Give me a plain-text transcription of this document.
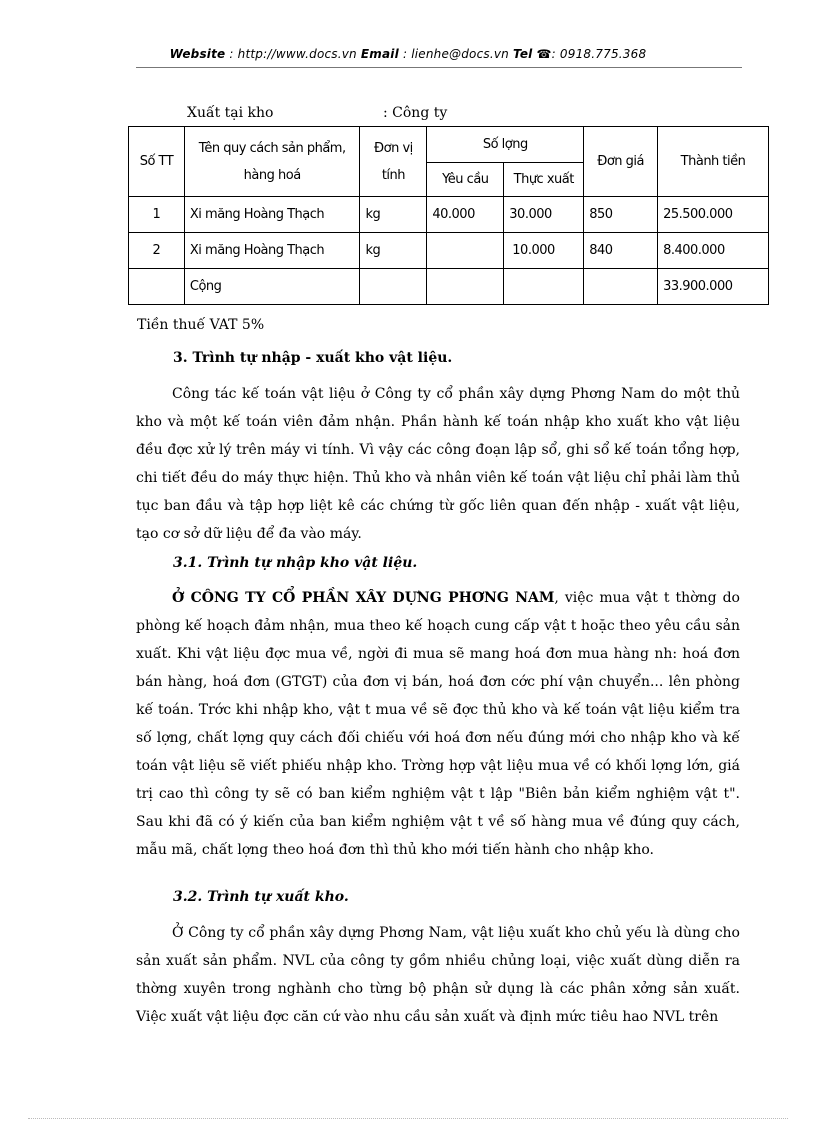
Website : http://www.docs.vn Email : lienhe@docs.vn Tel ☎: 0918.775.368
Xuất tại kho	: Công ty
Số TT	Tên quy cách sản phẩm, hàng hoá	Đơn vị tính	Số lợng		Đơn giá	Thành tiền
			Yêu cầu	Thực xuất		
1	Xi măng Hoàng Thạch	kg	40.000	30.000	850	25.500.000
2	Xi măng Hoàng Thạch	kg		10.000	840	8.400.000
	Cộng					33.900.000
Tiền thuế VAT 5%
3. Trình tự nhập - xuất kho vật liệu.

Công tác kế toán vật liệu ở Công ty cổ phần xây dựng Phơng Nam do một thủ kho và một kế toán viên đảm nhận. Phần hành kế toán nhập kho xuất kho vật liệu đều đợc xử lý trên máy vi tính. Vì vậy các công đoạn lập sổ, ghi sổ kế toán tổng hợp, chi tiết đều do máy thực hiện. Thủ kho và nhân viên kế toán vật liệu chỉ phải làm thủ tục ban đầu và tập hợp liệt kê các chứng từ gốc liên quan đến nhập - xuất vật liệu, tạo cơ sở dữ liệu để đa vào máy.

3.1. Trình tự nhập kho vật liệu.

Ở CÔNG TY CỔ PHẦN XÂY DỰNG PHƠNG NAM, việc mua vật t thờng do phòng kế hoạch đảm nhận, mua theo kế hoạch cung cấp vật t hoặc theo yêu cầu sản xuất. Khi vật liệu đợc mua về, ngời đi mua sẽ mang hoá đơn mua hàng nh: hoá đơn bán hàng, hoá đơn (GTGT) của đơn vị bán, hoá đơn cớc phí vận chuyển... lên phòng kế toán. Trớc khi nhập kho, vật t mua về sẽ đợc thủ kho và kế toán vật liệu kiểm tra số lợng, chất lợng quy cách đối chiếu với hoá đơn nếu đúng mới cho nhập kho và kế toán vật liệu sẽ viết phiếu nhập kho. Trờng hợp vật liệu mua về có khối lợng lớn, giá trị cao thì công ty sẽ có ban kiểm nghiệm vật t lập "Biên bản kiểm nghiệm vật t". Sau khi đã có ý kiến của ban kiểm nghiệm vật t về số hàng mua về đúng quy cách, mẫu mã, chất lợng theo hoá đơn thì thủ kho mới tiến hành cho nhập kho.

3.2. Trình tự xuất kho.

Ở Công ty cổ phần xây dựng Phơng Nam, vật liệu xuất kho chủ yếu là dùng cho sản xuất sản phẩm. NVL của công ty gồm nhiều chủng loại, việc xuất dùng diễn ra thờng xuyên trong nghành cho từng bộ phận sử dụng là các phân xởng sản xuất. Việc xuất vật liệu đợc căn cứ vào nhu cầu sản xuất và định mức tiêu hao NVL trên
